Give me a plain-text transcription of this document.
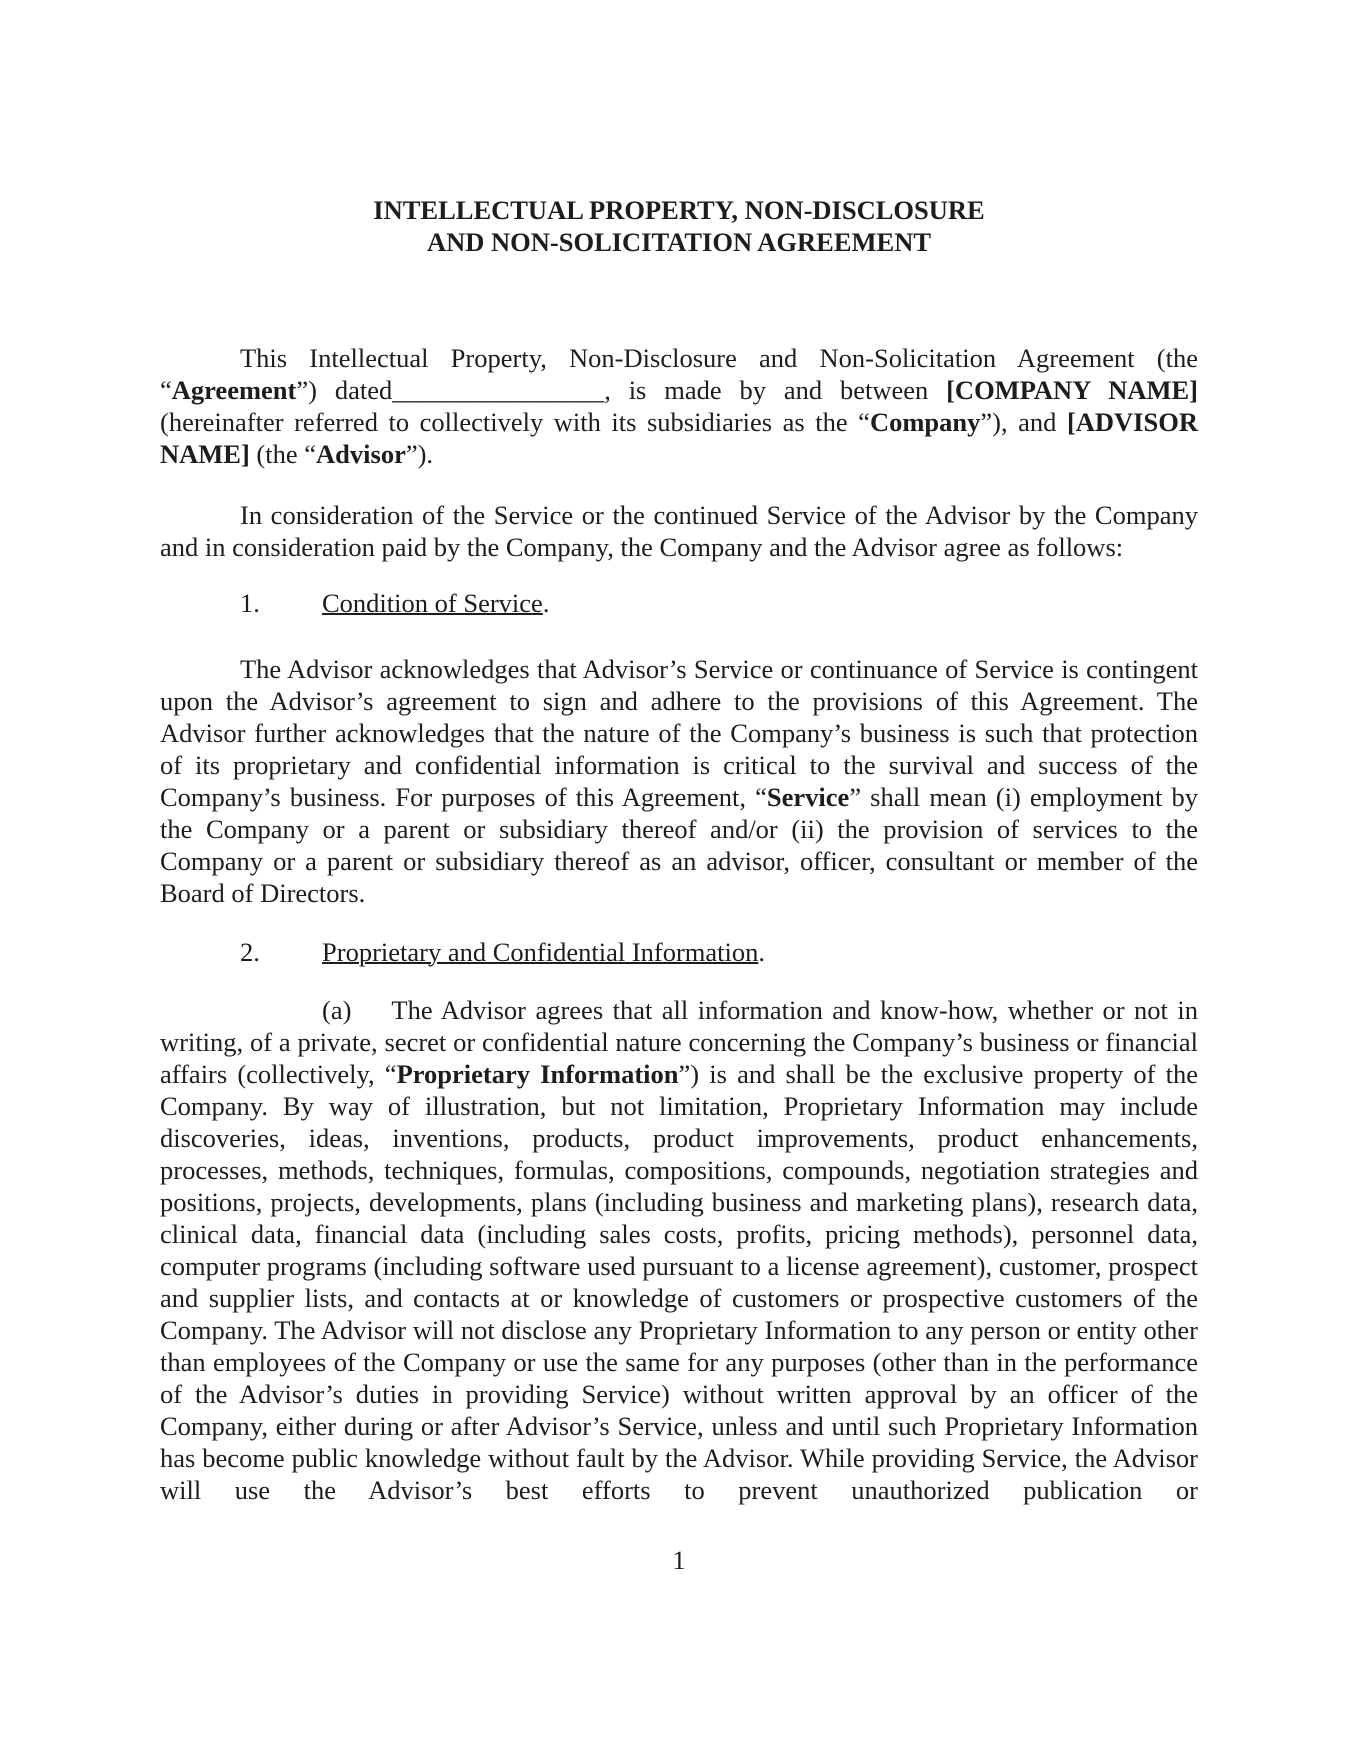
INTELLECTUAL PROPERTY, NON-DISCLOSURE
AND NON-SOLICITATION AGREEMENT

This Intellectual Property, Non-Disclosure and Non-Solicitation Agreement (the “Agreement”) dated________________, is made by and between [COMPANY NAME] (hereinafter referred to collectively with its subsidiaries as the “Company”), and [ADVISOR NAME] (the “Advisor”).

In consideration of the Service or the continued Service of the Advisor by the Company and in consideration paid by the Company, the Company and the Advisor agree as follows:

1. Condition of Service.

The Advisor acknowledges that Advisor’s Service or continuance of Service is contingent upon the Advisor’s agreement to sign and adhere to the provisions of this Agreement. The Advisor further acknowledges that the nature of the Company’s business is such that protection of its proprietary and confidential information is critical to the survival and success of the Company’s business. For purposes of this Agreement, “Service” shall mean (i) employment by the Company or a parent or subsidiary thereof and/or (ii) the provision of services to the Company or a parent or subsidiary thereof as an advisor, officer, consultant or member of the Board of Directors.

2. Proprietary and Confidential Information.

(a) The Advisor agrees that all information and know-how, whether or not in writing, of a private, secret or confidential nature concerning the Company’s business or financial affairs (collectively, “Proprietary Information”) is and shall be the exclusive property of the Company. By way of illustration, but not limitation, Proprietary Information may include discoveries, ideas, inventions, products, product improvements, product enhancements, processes, methods, techniques, formulas, compositions, compounds, negotiation strategies and positions, projects, developments, plans (including business and marketing plans), research data, clinical data, financial data (including sales costs, profits, pricing methods), personnel data, computer programs (including software used pursuant to a license agreement), customer, prospect and supplier lists, and contacts at or knowledge of customers or prospective customers of the Company. The Advisor will not disclose any Proprietary Information to any person or entity other than employees of the Company or use the same for any purposes (other than in the performance of the Advisor’s duties in providing Service) without written approval by an officer of the Company, either during or after Advisor’s Service, unless and until such Proprietary Information has become public knowledge without fault by the Advisor. While providing Service, the Advisor will use the Advisor’s best efforts to prevent unauthorized publication or

1
